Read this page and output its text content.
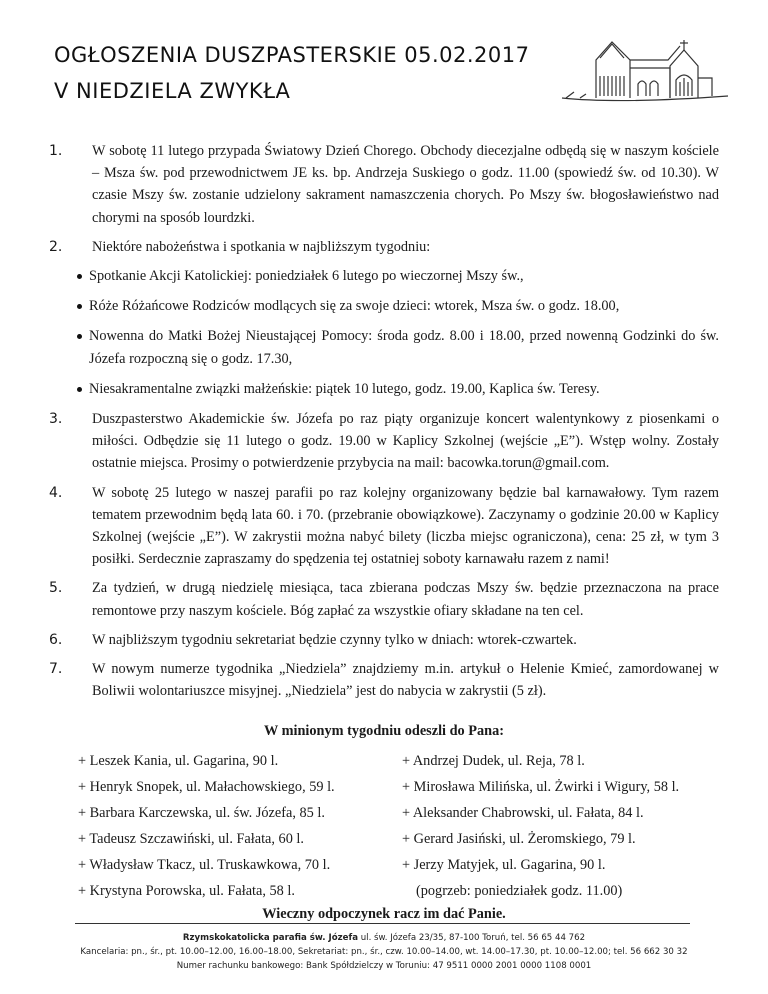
OGŁOSZENIA DUSZPASTERSKIE 05.02.2017
V NIEDZIELA ZWYKŁA
1. W sobotę 11 lutego przypada Światowy Dzień Chorego. Obchody diecezjalne odbędą się w naszym kościele – Msza św. pod przewodnictwem JE ks. bp. Andrzeja Suskiego o godz. 11.00 (spowiedź św. od 10.30). W czasie Mszy św. zostanie udzielony sakrament namaszczenia chorych. Po Mszy św. błogosławieństwo nad chorymi na sposób lourdzki.

2. Niektóre nabożeństwa i spotkania w najbliższym tygodniu:

Spotkanie Akcji Katolickiej: poniedziałek 6 lutego po wieczornej Mszy św.,
Róże Różańcowe Rodziców modlących się za swoje dzieci: wtorek, Msza św. o godz. 18.00,
Nowenna do Matki Bożej Nieustającej Pomocy: środa godz. 8.00 i 18.00, przed nowenną Godzinki do św. Józefa rozpoczną się o godz. 17.30,
Niesakramentalne związki małżeńskie: piątek 10 lutego, godz. 19.00, Kaplica św. Teresy.
3. Duszpasterstwo Akademickie św. Józefa po raz piąty organizuje koncert walentynkowy z piosenkami o miłości. Odbędzie się 11 lutego o godz. 19.00 w Kaplicy Szkolnej (wejście „E”). Wstęp wolny. Zostały ostatnie miejsca. Prosimy o potwierdzenie przybycia na mail: bacowka.torun@gmail.com.

4. W sobotę 25 lutego w naszej parafii po raz kolejny organizowany będzie bal karnawałowy. Tym razem tematem przewodnim będą lata 60. i 70. (przebranie obowiązkowe). Zaczynamy o godzinie 20.00 w Kaplicy Szkolnej (wejście „E”). W zakrystii można nabyć bilety (liczba miejsc ograniczona), cena: 25 zł, w tym 3 posiłki. Serdecznie zapraszamy do spędzenia tej ostatniej soboty karnawału razem z nami!

5. Za tydzień, w drugą niedzielę miesiąca, taca zbierana podczas Mszy św. będzie przeznaczona na prace remontowe przy naszym kościele. Bóg zapłać za wszystkie ofiary składane na ten cel.

6. W najbliższym tygodniu sekretariat będzie czynny tylko w dniach: wtorek-czwartek.

7. W nowym numerze tygodnika „Niedziela” znajdziemy m.in. artykuł o Helenie Kmieć, zamordowanej w Boliwii wolontariuszce misyjnej. „Niedziela” jest do nabycia w zakrystii (5 zł).

W minionym tygodniu odeszli do Pana:
+ Leszek Kania, ul. Gagarina, 90 l.	+ Andrzej Dudek, ul. Reja, 78 l.
+ Henryk Snopek, ul. Małachowskiego, 59 l.	+ Mirosława Milińska, ul. Żwirki i Wigury, 58 l.
+ Barbara Karczewska, ul. św. Józefa, 85 l.	+ Aleksander Chabrowski, ul. Fałata, 84 l.
+ Tadeusz Szczawiński, ul. Fałata, 60 l.	+ Gerard Jasiński, ul. Żeromskiego, 79 l.
+ Władysław Tkacz, ul. Truskawkowa, 70 l.	+ Jerzy Matyjek, ul. Gagarina, 90 l.
+ Krystyna Porowska, ul. Fałata, 58 l.	(pogrzeb: poniedziałek godz. 11.00)
Wieczny odpoczynek racz im dać Panie.
Rzymskokatolicka parafia św. Józefa ul. św. Józefa 23/35, 87-100 Toruń, tel. 56 65 44 762
Kancelaria: pn., śr., pt. 10.00–12.00, 16.00–18.00, Sekretariat: pn., śr., czw. 10.00–14.00, wt. 14.00–17.30, pt. 10.00–12.00; tel. 56 662 30 32
Numer rachunku bankowego: Bank Spółdzielczy w Toruniu: 47 9511 0000 2001 0000 1108 0001
